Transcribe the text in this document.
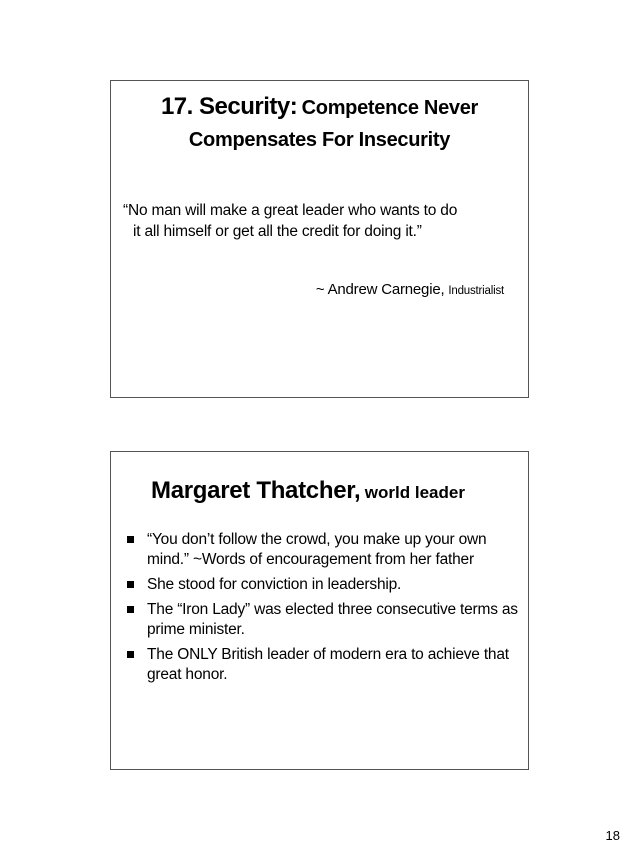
17. Security: Competence Never
Compensates For Insecurity
“No man will make a great leader who wants to do
it all himself or get all the credit for doing it.”
~ Andrew Carnegie, Industrialist
Margaret Thatcher, world leader
“You don’t follow the crowd, you make up your own mind.” ~Words of encouragement from her father
She stood for conviction in leadership.
The “Iron Lady” was elected three consecutive terms as prime minister.
The ONLY British leader of modern era to achieve that great honor.
18
